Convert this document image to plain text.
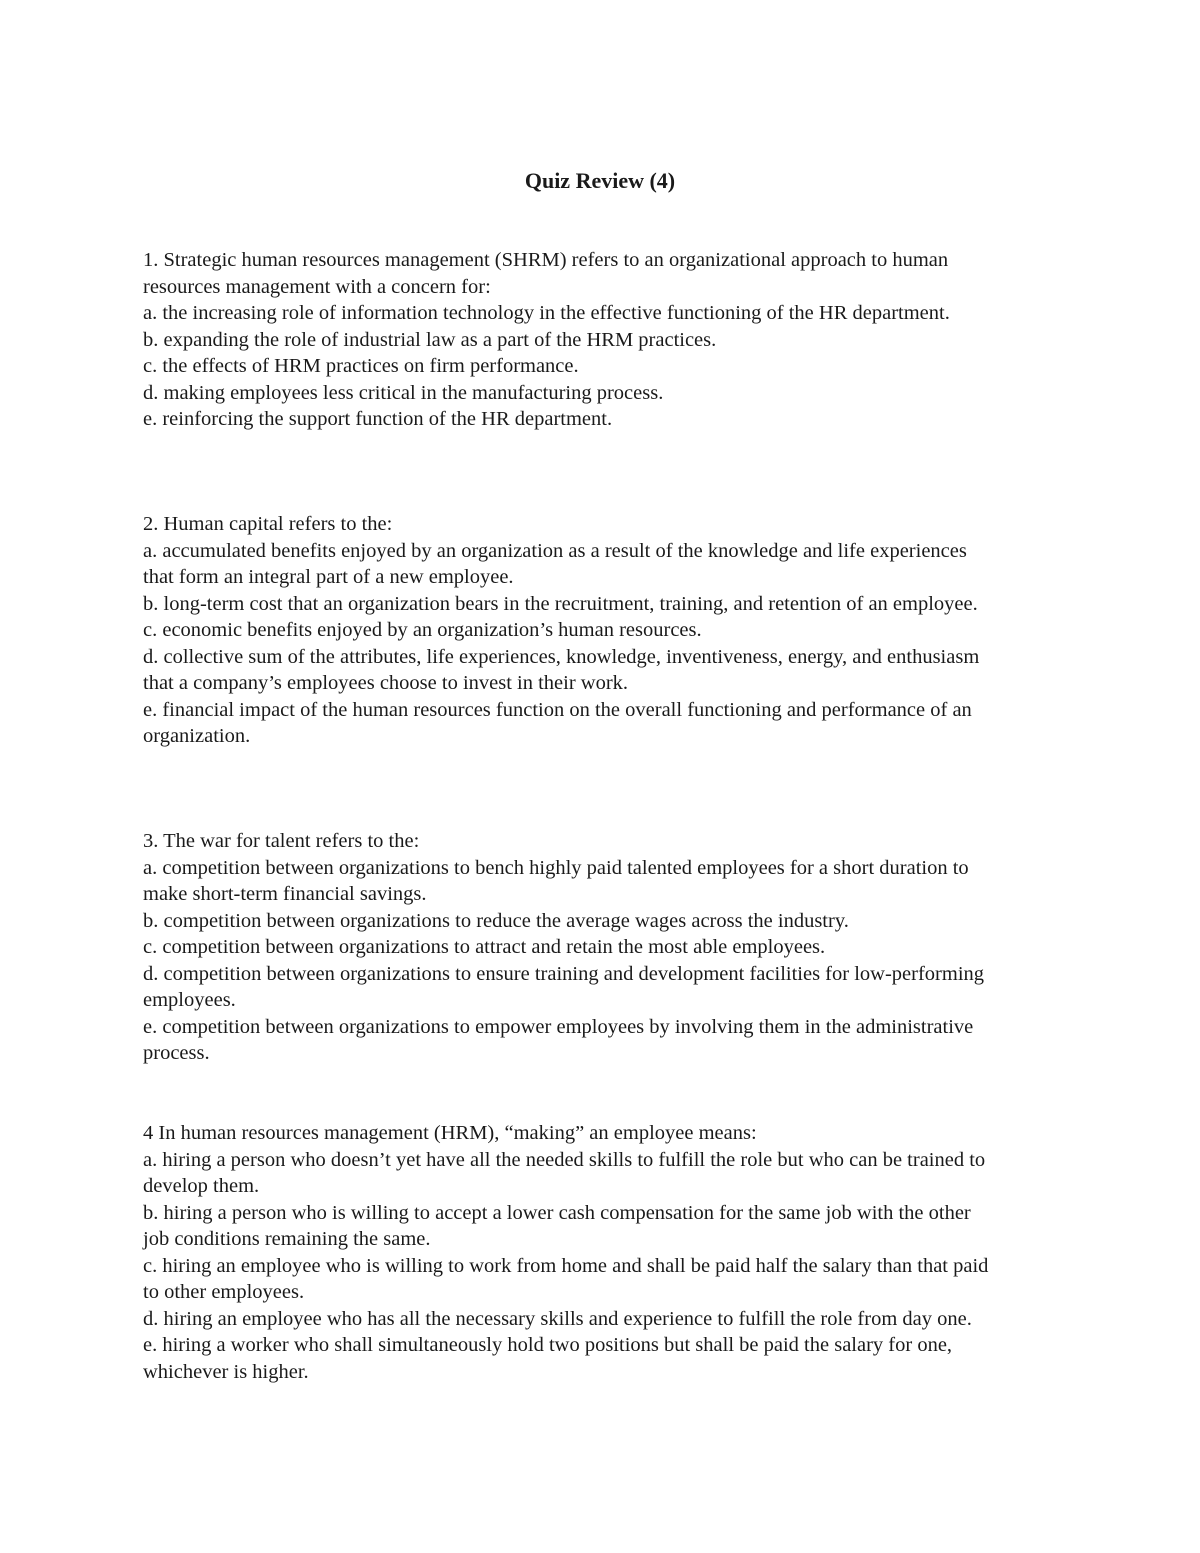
Quiz Review (4)

1. Strategic human resources management (SHRM) refers to an organizational approach to human resources management with a concern for:

a. the increasing role of information technology in the effective functioning of the HR department.

b. expanding the role of industrial law as a part of the HRM practices.

c. the effects of HRM practices on firm performance.

d. making employees less critical in the manufacturing process.

e. reinforcing the support function of the HR department.

2. Human capital refers to the:

a. accumulated benefits enjoyed by an organization as a result of the knowledge and life experiences that form an integral part of a new employee.

b. long-term cost that an organization bears in the recruitment, training, and retention of an employee.

c. economic benefits enjoyed by an organization’s human resources.

d. collective sum of the attributes, life experiences, knowledge, inventiveness, energy, and enthusiasm that a company’s employees choose to invest in their work.

e. financial impact of the human resources function on the overall functioning and performance of an organization.

3. The war for talent refers to the:

a. competition between organizations to bench highly paid talented employees for a short duration to make short-term financial savings.

b. competition between organizations to reduce the average wages across the industry.

c. competition between organizations to attract and retain the most able employees.

d. competition between organizations to ensure training and development facilities for low-performing employees.

e. competition between organizations to empower employees by involving them in the administrative process.

4 In human resources management (HRM), “making” an employee means:

a. hiring a person who doesn’t yet have all the needed skills to fulfill the role but who can be trained to develop them.

b. hiring a person who is willing to accept a lower cash compensation for the same job with the other job conditions remaining the same.

c. hiring an employee who is willing to work from home and shall be paid half the salary than that paid to other employees.

d. hiring an employee who has all the necessary skills and experience to fulfill the role from day one.

e. hiring a worker who shall simultaneously hold two positions but shall be paid the salary for one, whichever is higher.
